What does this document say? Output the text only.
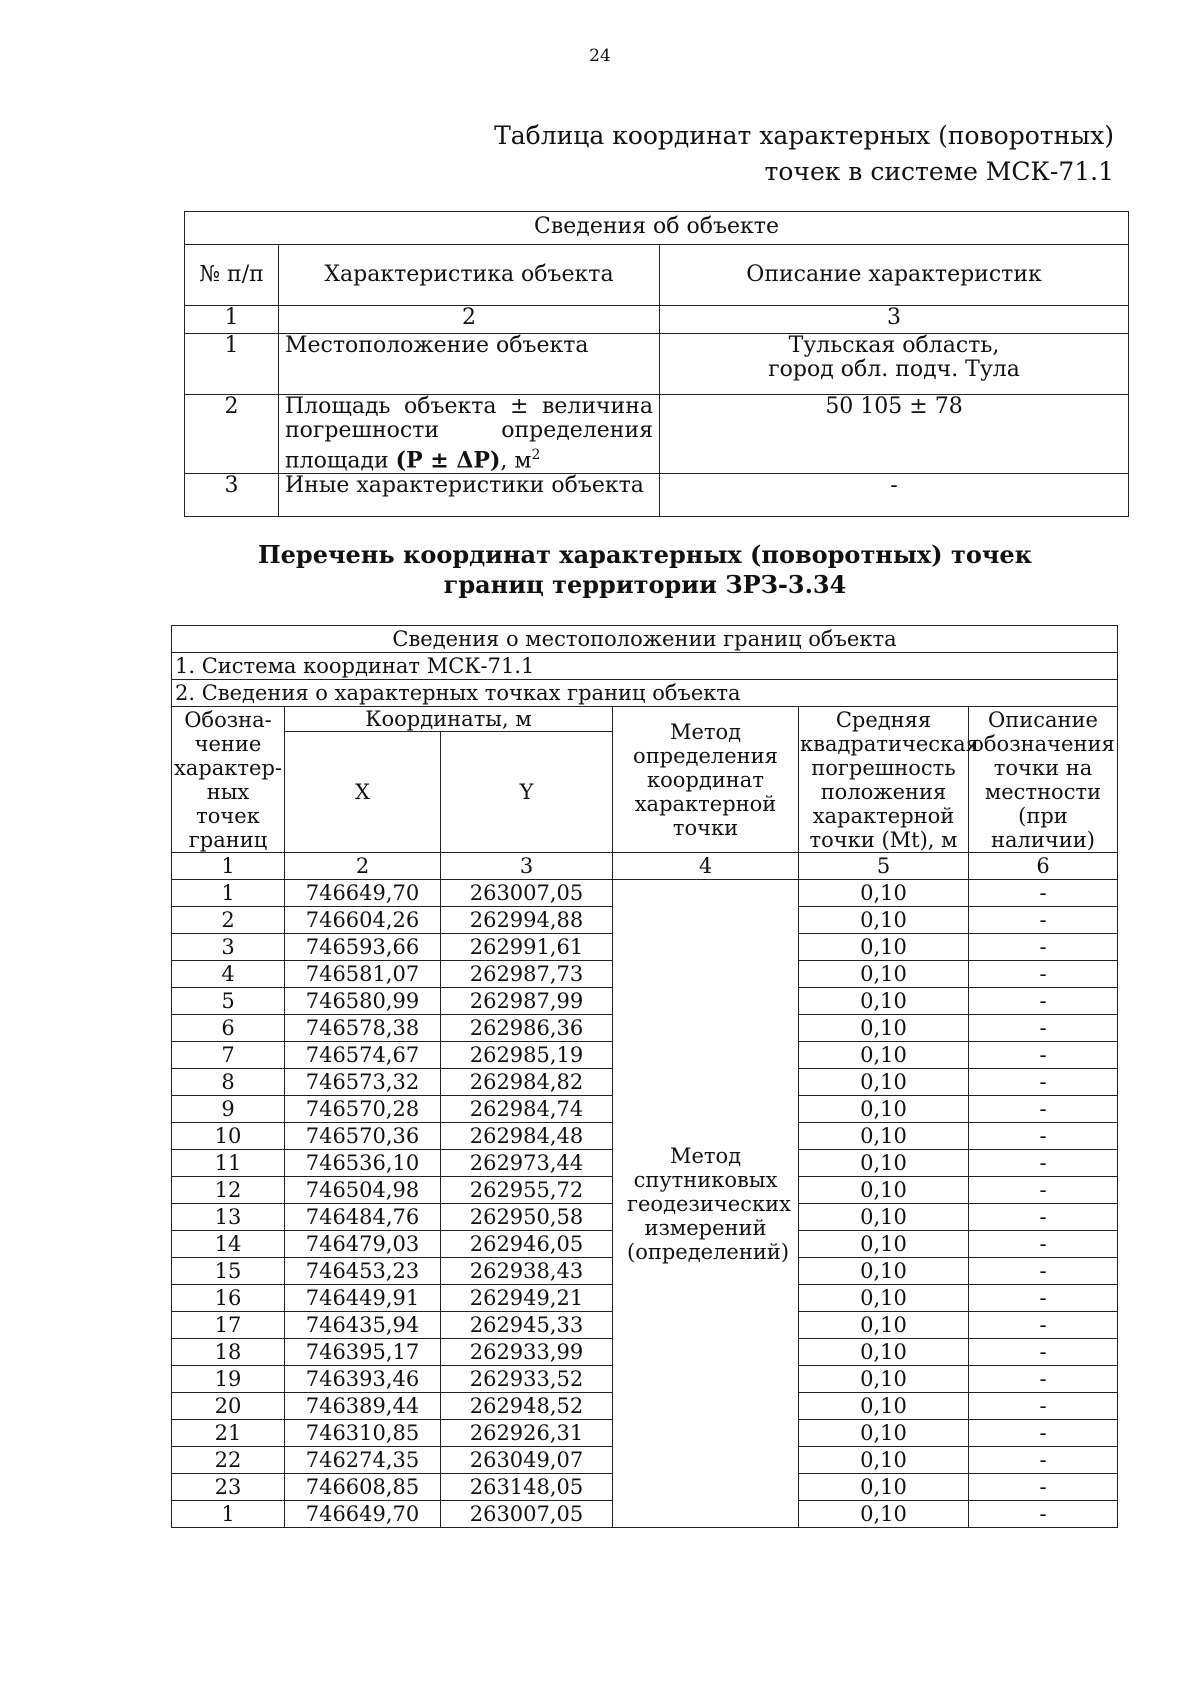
24
Таблица координат характерных (поворотных)
точек в системе МСК-71.1
Сведения об объекте		
№ п/п	Характеристика объекта	Описание характеристик
1	2	3
1	Местоположение объекта	Тульская область,
город обл. подч. Тула

2	Площадь объекта ± величина
погрешности определения
площади (Р ± ΔР), $м^2$	50 105 ± 78
3	Иные характеристики объекта	-
Перечень координат характерных (поворотных) точек
границ территории ЗРЗ-3.34
Сведения о местоположении границ объекта					
1. Система координат МСК-71.1					
2. Сведения о характерных точках границ объекта					
Обозна-чение характер-ных точек границ	Координаты, м		Метод определения координат характерной точки	Средняя квадратическая погрешность положения характерной точки (Mt), м	Описание обозначения точки на местности (при наличии)
	X	Y			
1	2	3	4	5	6
1	746649,70	263007,05	Метод спутниковых геодезических измерений (определений)	0,10	-
2	746604,26	262994,88		0,10	-
3	746593,66	262991,61		0,10	-
4	746581,07	262987,73		0,10	-
5	746580,99	262987,99		0,10	-
6	746578,38	262986,36		0,10	-
7	746574,67	262985,19		0,10	-
8	746573,32	262984,82		0,10	-
9	746570,28	262984,74		0,10	-
10	746570,36	262984,48		0,10	-
11	746536,10	262973,44		0,10	-
12	746504,98	262955,72		0,10	-
13	746484,76	262950,58		0,10	-
14	746479,03	262946,05		0,10	-
15	746453,23	262938,43		0,10	-
16	746449,91	262949,21		0,10	-
17	746435,94	262945,33		0,10	-
18	746395,17	262933,99		0,10	-
19	746393,46	262933,52		0,10	-
20	746389,44	262948,52		0,10	-
21	746310,85	262926,31		0,10	-
22	746274,35	263049,07		0,10	-
23	746608,85	263148,05		0,10	-
1	746649,70	263007,05		0,10	-
